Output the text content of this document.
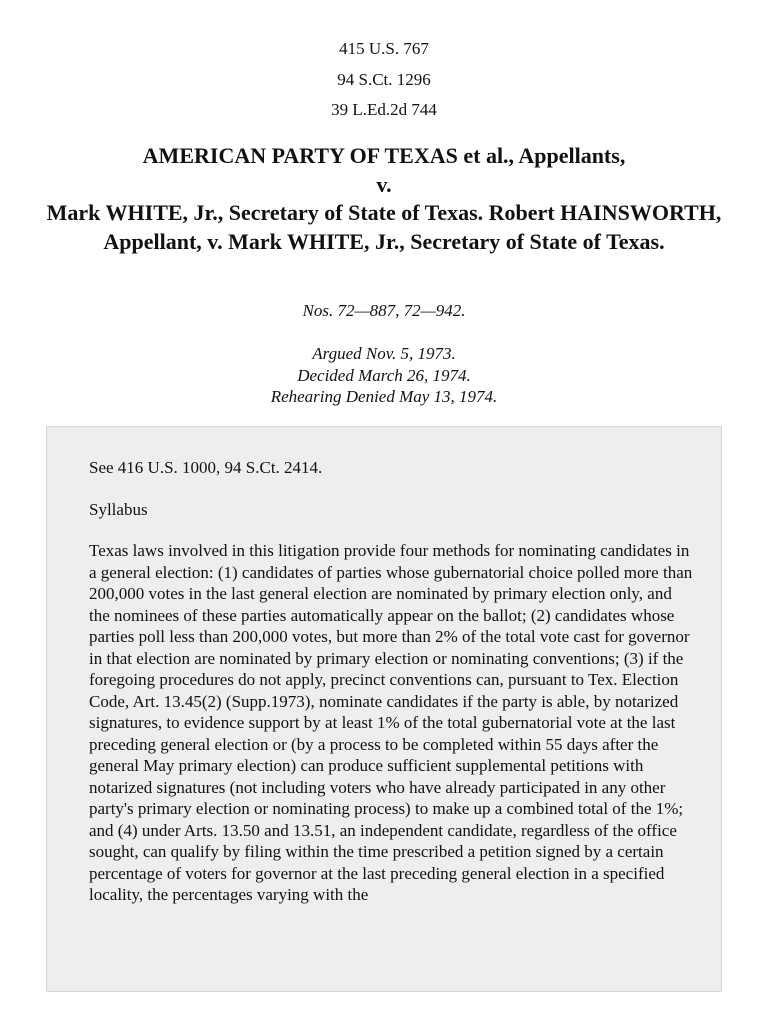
415 U.S. 767
94 S.Ct. 1296
39 L.Ed.2d 744
AMERICAN PARTY OF TEXAS et al., Appellants,
v.
Mark WHITE, Jr., Secretary of State of Texas. Robert HAINSWORTH, Appellant, v. Mark WHITE, Jr., Secretary of State of Texas.
Nos. 72—887, 72—942.
Argued Nov. 5, 1973.
Decided March 26, 1974.
Rehearing Denied May 13, 1974.

See 416 U.S. 1000, 94 S.Ct. 2414.

Syllabus

Texas laws involved in this litigation provide four methods for nominating candidates in a general election: (1) candidates of parties whose gubernatorial choice polled more than 200,000 votes in the last general election are nominated by primary election only, and the nominees of these parties automatically appear on the ballot; (2) candidates whose parties poll less than 200,000 votes, but more than 2% of the total vote cast for governor in that election are nominated by primary election or nominating conventions; (3) if the foregoing procedures do not apply, precinct conventions can, pursuant to Tex. Election Code, Art. 13.45(2) (Supp.1973), nominate candidates if the party is able, by notarized signatures, to evidence support by at least 1% of the total gubernatorial vote at the last preceding general election or (by a process to be completed within 55 days after the general May primary election) can produce sufficient supplemental petitions with notarized signatures (not including voters who have already participated in any other party's primary election or nominating process) to make up a combined total of the 1%; and (4) under Arts. 13.50 and 13.51, an independent candidate, regardless of the office sought, can qualify by filing within the time prescribed a petition signed by a certain percentage of voters for governor at the last preceding general election in a specified locality, the percentages varying with the
